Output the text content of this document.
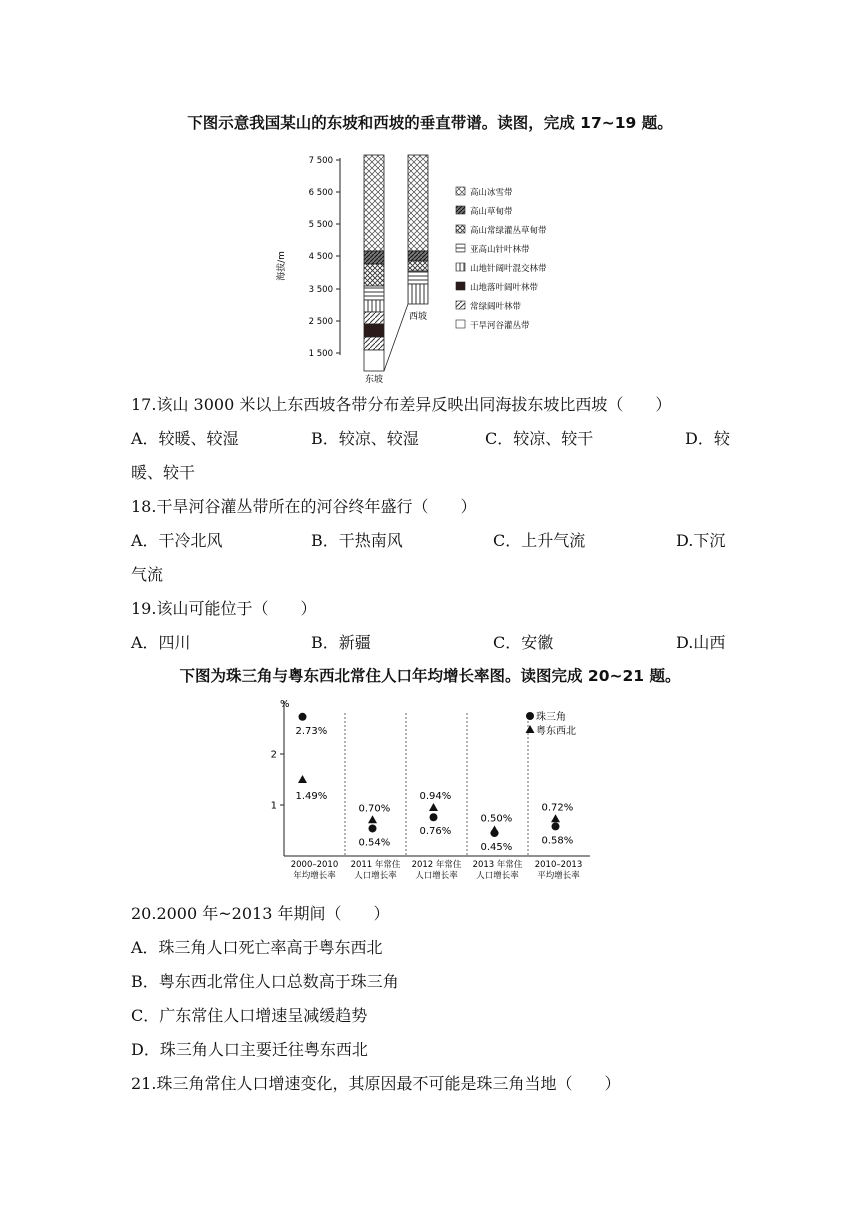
下图示意我国某山的东坡和西坡的垂直带谱。读图，完成 17~19 题。
海拔/m
7 500
6 500
5 500
4 500
3 500
2 500
1 500
东坡
西坡
高山冰雪带
高山草甸带
高山常绿灌丛草甸带
亚高山针叶林带
山地针阔叶混交林带
山地落叶阔叶林带
常绿阔叶林带
干旱河谷灌丛带
17.该山 3000 米以上东西坡各带分布差异反映出同海拔东坡比西坡（　　）
A．较暖、较湿	B．较凉、较湿	C．较凉、较干	D．较
暖、较干
18.干旱河谷灌丛带所在的河谷终年盛行（　　）
A．干冷北风	B．干热南风	C．上升气流	D.下沉
气流
19.该山可能位于（　　）
A．四川	B．新疆	C．安徽	D.山西
下图为珠三角与粤东西北常住人口年均增长率图。读图完成 20~21 题。
%
1
2
2000–2010
年均增长率
2011 年常住
人口增长率
2012 年常住
人口增长率
2013 年常住
人口增长率
2010–2013
平均增长率
2.73%
1.49%
0.54%
0.70%
0.76%
0.94%
0.45%
0.50%
0.58%
0.72%
珠三角
粤东西北
20.2000 年~2013 年期间（　　）
A．珠三角人口死亡率高于粤东西北
B．粤东西北常住人口总数高于珠三角
C．广东常住人口增速呈减缓趋势
D．珠三角人口主要迁往粤东西北
21.珠三角常住人口增速变化，其原因最不可能是珠三角当地（　　）
